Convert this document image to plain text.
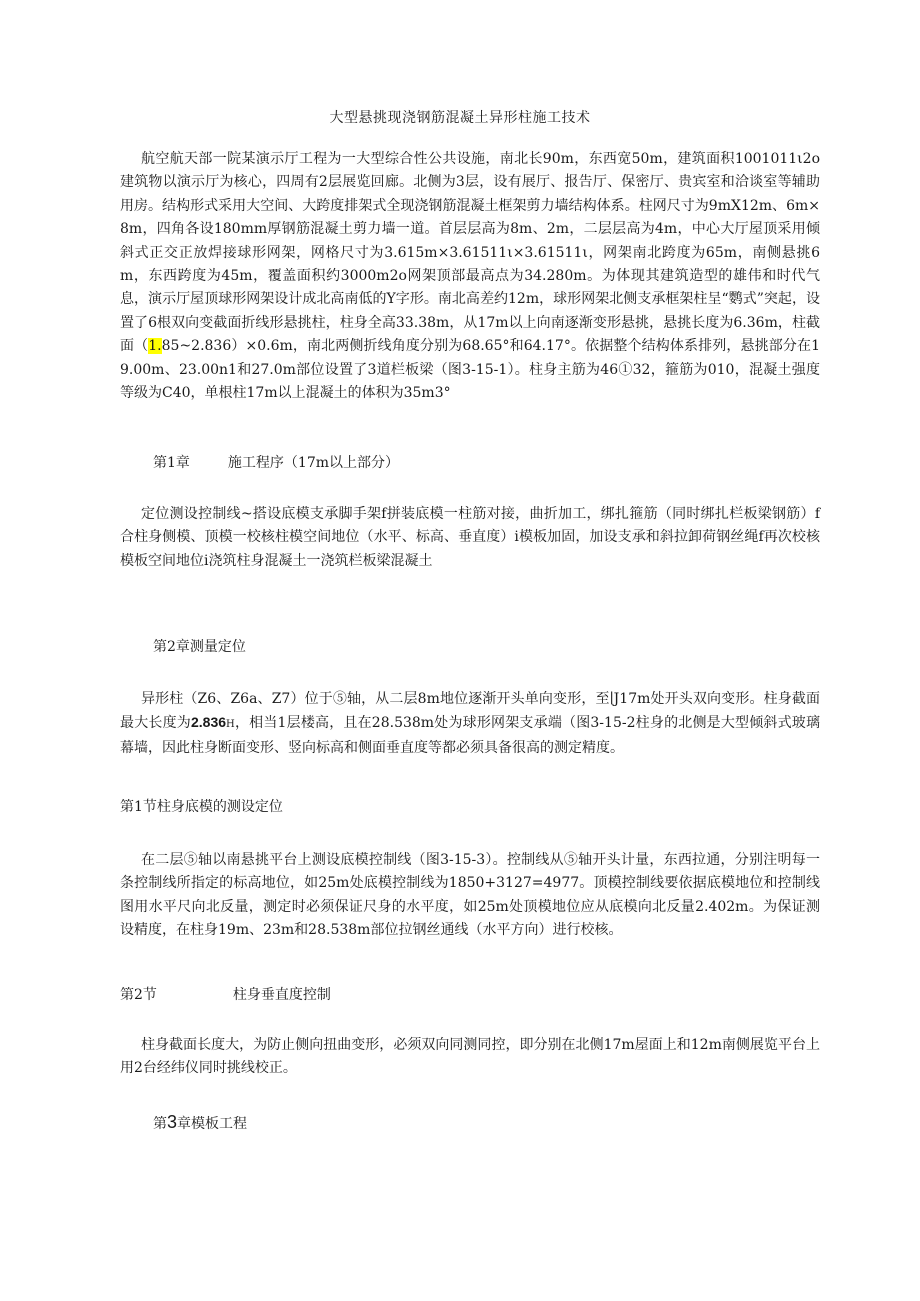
大型悬挑现浇钢筋混凝土异形柱施工技术
航空航天部一院某演示厅工程为一大型综合性公共设施，南北长90m，东西宽50m，建筑面积1001011ι2o建筑物以演示厅为核心，四周有2层展览回廊。北侧为3层，设有展厅、报告厅、保密厅、贵宾室和洽谈室等辅助用房。结构形式采用大空间、大跨度排架式全现浇钢筋混凝土框架剪力墙结构体系。柱网尺寸为9mX12m、6m×8m，四角各设180mm厚钢筋混凝土剪力墙一道。首层层高为8m、2m，二层层高为4m，中心大厅屋顶采用倾斜式正交正放焊接球形网架，网格尺寸为3.615m×3.61511ι×3.61511ι，网架南北跨度为65m，南侧悬挑6m，东西跨度为45m，覆盖面积约3000m2o网架顶部最高点为34.280m。为体现其建筑造型的雄伟和时代气息，演示厅屋顶球形网架设计成北高南低的Y字形。南北高差约12m，球形网架北侧支承框架柱呈“鹦式”突起，设置了6根双向变截面折线形悬挑柱，柱身全高33.38m，从17m以上向南逐渐变形悬挑，悬挑长度为6.36m，柱截面（1.85~2.836）×0.6m，南北两侧折线角度分别为68.65°和64.17°。依据整个结构体系排列，悬挑部分在19.00m、23.00n1和27.0m部位设置了3道栏板梁（图3-15-1）。柱身主筋为46①32，箍筋为010，混凝土强度等级为C40，单根柱17m以上混凝土的体积为35m3°
第1章	施工程序（17m以上部分）
定位测设控制线~搭设底模支承脚手架f拼装底模一柱筋对接，曲折加工，绑扎箍筋（同时绑扎栏板梁钢筋）f合柱身侧模、顶模一校核柱模空间地位（水平、标高、垂直度）i模板加固，加设支承和斜拉卸荷钢丝绳f再次校核模板空间地位i浇筑柱身混凝土一浇筑栏板梁混凝土
第2章测量定位
异形柱（Z6、Z6a、Z7）位于⑤轴，从二层8m地位逐渐开头单向变形，至∣J17m处开头双向变形。柱身截面最大长度为2.836H，相当1层楼高，且在28.538m处为球形网架支承端（图3-15-2柱身的北侧是大型倾斜式玻璃幕墙，因此柱身断面变形、竖向标高和侧面垂直度等都必须具备很高的测定精度。
第1节柱身底模的测设定位
在二层⑤轴以南悬挑平台上测设底模控制线（图3-15-3）。控制线从⑤轴开头计量，东西拉通，分别注明每一条控制线所指定的标高地位，如25m处底模控制线为1850+3127=4977。顶模控制线要依据底模地位和控制线图用水平尺向北反量，测定时必须保证尺身的水平度，如25m处顶模地位应从底模向北反量2.402m。为保证测设精度，在柱身19m、23m和28.538m部位拉钢丝通线（水平方向）进行校核。
第2节	柱身垂直度控制
柱身截面长度大，为防止侧向扭曲变形，必须双向同测同控，即分别在北侧17m屋面上和12m南侧展览平台上用2台经纬仪同时挑线校正。
第3章模板工程
